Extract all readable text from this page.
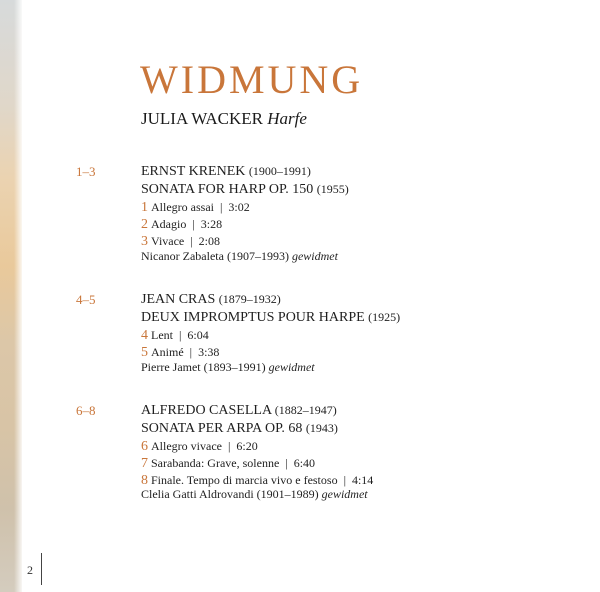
2
WIDMUNG
JULIA WACKER Harfe
1–3	ERNST KRENEK (1900–1991)
SONATA FOR HARP OP. 150 (1955)
1 Allegro assai  |  3:02
2 Adagio  |  3:28
3 Vivace  |  2:08
Nicanor Zabaleta (1907–1993) gewidmet
4–5	JEAN CRAS (1879–1932)
DEUX IMPROMPTUS POUR HARPE (1925)
4 Lent  |  6:04
5 Animé  |  3:38
Pierre Jamet (1893–1991) gewidmet
6–8	ALFREDO CASELLA (1882–1947)
SONATA PER ARPA OP. 68 (1943)
6 Allegro vivace  |  6:20
7 Sarabanda: Grave, solenne  |  6:40
8 Finale. Tempo di marcia vivo e festoso  |  4:14
Clelia Gatti Aldrovandi (1901–1989) gewidmet
